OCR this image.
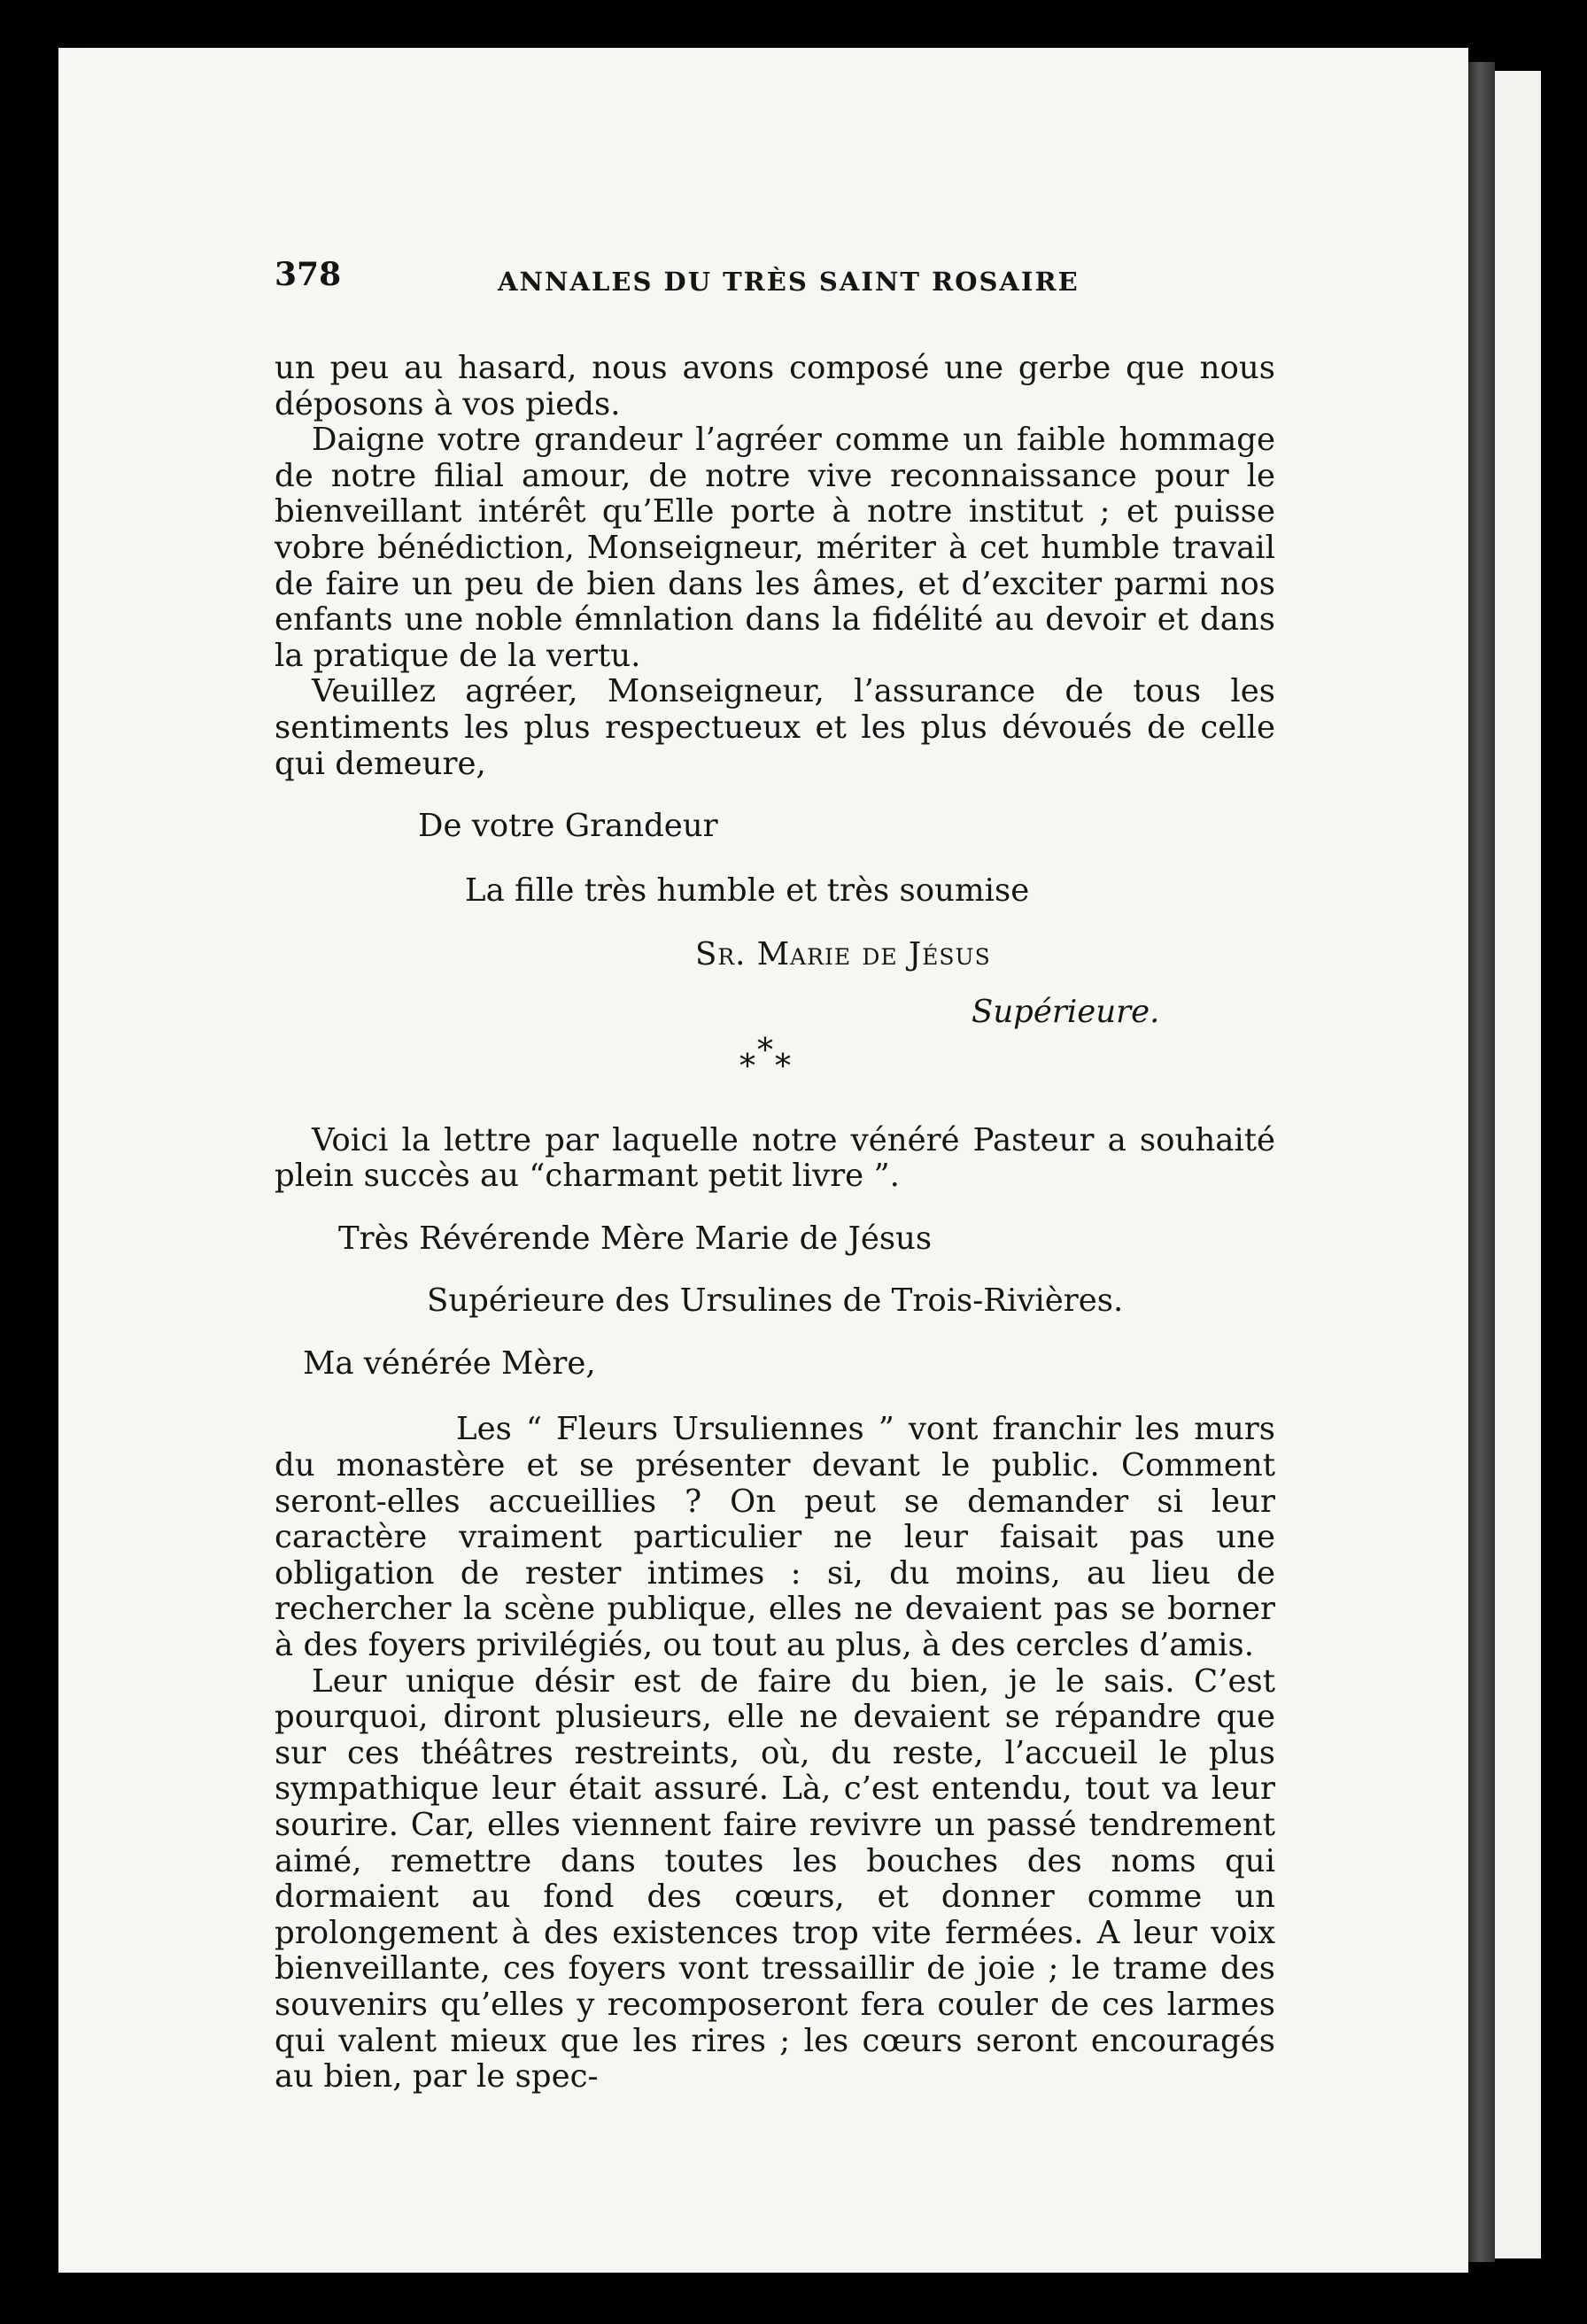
378	ANNALES DU TRÈS SAINT ROSAIRE

un peu au hasard, nous avons composé une gerbe que nous déposons à vos pieds.

Daigne votre grandeur l’agréer comme un faible hommage de notre filial amour, de notre vive reconnaissance pour le bienveillant intérêt qu’Elle porte à notre institut ; et puisse vobre bénédiction, Monseigneur, mériter à cet humble travail de faire un peu de bien dans les âmes, et d’exciter parmi nos enfants une noble émnlation dans la fidélité au devoir et dans la pratique de la vertu.

Veuillez agréer, Monseigneur, l’assurance de tous les sentiments les plus respectueux et les plus dévoués de celle qui demeure,

De votre Grandeur
La fille très humble et très soumise
Sr. Marie de Jésus
Supérieure.
* * *

Voici la lettre par laquelle notre vénéré Pasteur a souhaité plein succès au “charmant petit livre ”.

Très Révérende Mère Marie de Jésus
Supérieure des Ursulines de Trois-Rivières.
Ma vénérée Mère,

Les “ Fleurs Ursuliennes ” vont franchir les murs du monastère et se présenter devant le public. Comment seront-elles accueillies ? On peut se demander si leur caractère vraiment particulier ne leur faisait pas une obligation de rester intimes : si, du moins, au lieu de rechercher la scène publique, elles ne devaient pas se borner à des foyers privilégiés, ou tout au plus, à des cercles d’amis.

Leur unique désir est de faire du bien, je le sais. C’est pourquoi, diront plusieurs, elle ne devaient se répandre que sur ces théâtres restreints, où, du reste, l’accueil le plus sympathique leur était assuré. Là, c’est entendu, tout va leur sourire. Car, elles viennent faire revivre un passé tendrement aimé, remettre dans toutes les bouches des noms qui dormaient au fond des cœurs, et donner comme un prolongement à des existences trop vite fermées. A leur voix bienveillante, ces foyers vont tressaillir de joie ; le trame des souvenirs qu’elles y recomposeront fera couler de ces larmes qui valent mieux que les rires ; les cœurs seront encouragés au bien, par le spec-
